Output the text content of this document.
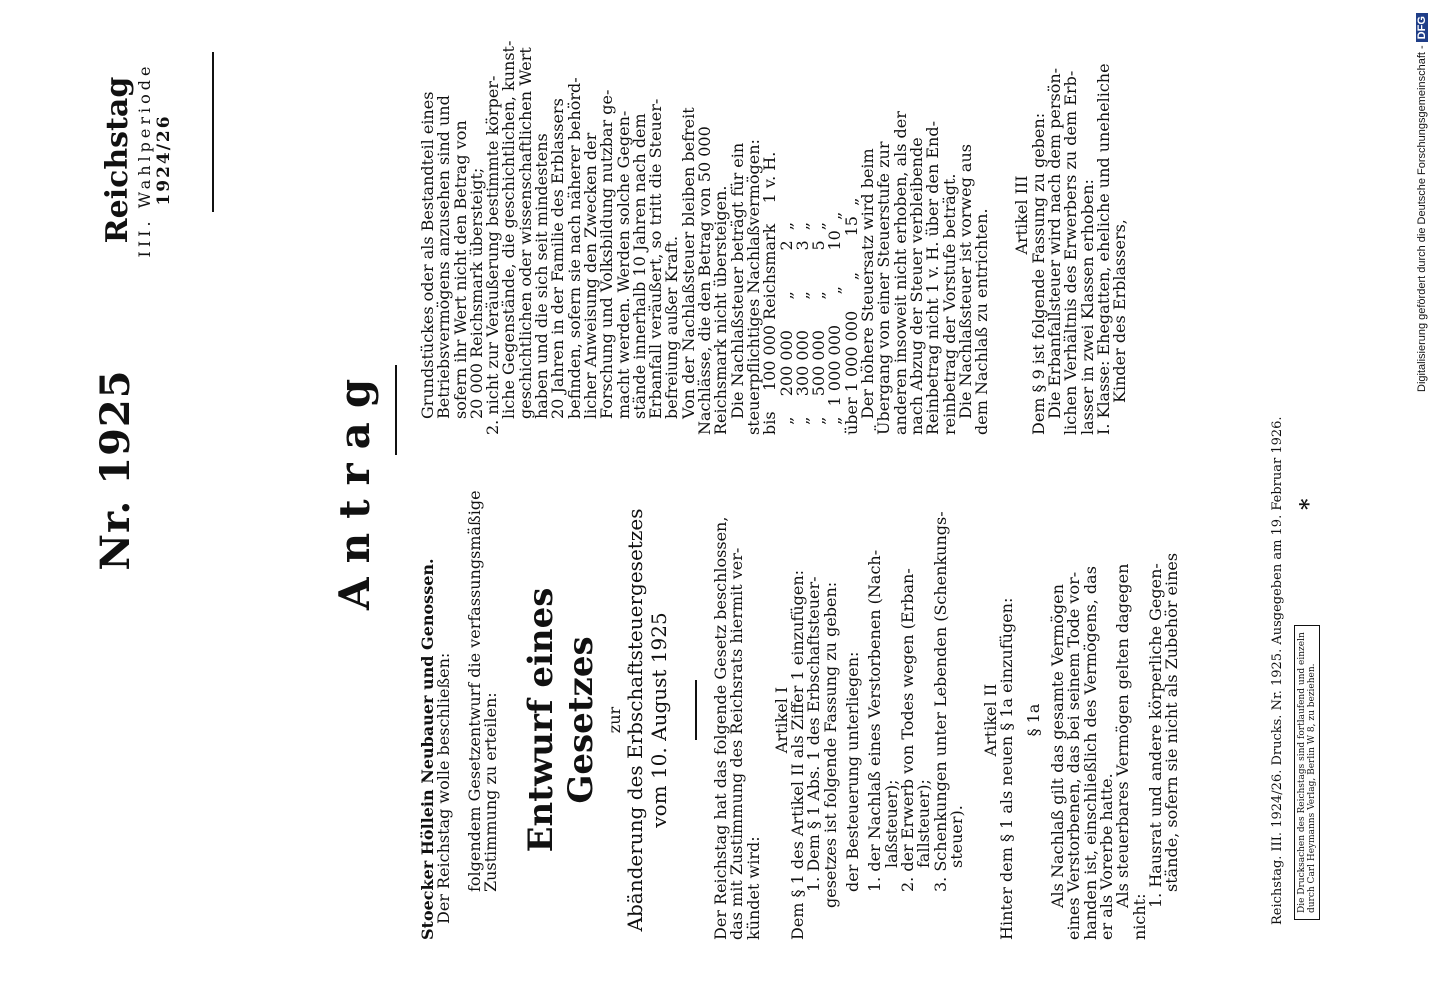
Nr. 1925
Reichstag III. Wahlperiode 1924/26
Antrag
Stoecker Höllein Neubauer und Genossen.
Der Reichstag wolle beschließen: folgendem Gesetzentwurf die verfassungsmäßige
Zustimmung zu erteilen: Entwurf eines Gesetzes zur Abänderung des Erbschaftsteuergesetzes vom 10. August 1925 Der Reichstag hat das folgende Gesetz beschlossen,
das mit Zustimmung des Reichsrats hiermit ver-
kündet wird:
Artikel I
Dem § 1 des Artikel II als Ziffer 1 einzufügen:
1. Dem § 1 Abs. 1 des Erbschaftsteuer-
gesetzes ist folgende Fassung zu geben: der Besteuerung unterliegen: 1. der Nachlaß eines Verstorbenen (Nach-
laßsteuer);
2. der Erwerb von Todes wegen (Erban-
fallsteuer);
3. Schenkungen unter Lebenden (Schenkungs-
steuer).
Artikel II
Hinter dem § 1 als neuen § 1a einzufügen: § 1a Als Nachlaß gilt das gesamte Vermögen
eines Verstorbenen, das bei seinem Tode vor-
handen ist, einschließlich des Vermögens, das
er als Vorerbe hatte.
Als steuerbares Vermögen gelten dagegen
nicht:
1. Hausrat und andere körperliche Gegen-
stände, sofern sie nicht als Zubehör eines
Grundstückes oder als Bestandteil eines
Betriebsvermögens anzusehen sind und
sofern ihr Wert nicht den Betrag von
20 000 Reichsmark übersteigt;
2. nicht zur Veräußerung bestimmte körper-
liche Gegenstände, die geschichtlichen, kunst-
geschichtlichen oder wissenschaftlichen Wert
haben und die sich seit mindestens
20 Jahren in der Familie des Erblassers
befinden, sofern sie nach näherer behörd-
licher Anweisung den Zwecken der
Forschung und Volksbildung nutzbar ge-
macht werden. Werden solche Gegen-
stände innerhalb 10 Jahren nach dem
Erbanfall veräußert, so tritt die Steuer-
befreiung außer Kraft.
Von der Nachlaßsteuer bleiben befreit
Nachlässe, die den Betrag von 50 000
Reichsmark nicht übersteigen.
Die Nachlaßsteuer beträgt für ein
steuerpflichtiges Nachlaßvermögen:
bis    100 000 Reichsmark    1 v. H.
„    200 000      „        2  „
„    300 000      „        3  „
„    500 000      „        5  „
„  1 000 000      „       10  „
über 1 000 000      „       15  „
Der höhere Steuersatz wird beim
Übergang von einer Steuerstufe zur
anderen insoweit nicht erhoben, als der
nach Abzug der Steuer verbleibende
Reinbetrag nicht 1 v. H. über den End-
reinbetrag der Vorstufe beträgt.
Die Nachlaßsteuer ist vorweg aus
dem Nachlaß zu entrichten. Artikel III
Dem § 9 ist folgende Fassung zu geben:
Die Erbanfallsteuer wird nach dem persön-
lichen Verhältnis des Erwerbers zu dem Erb-
lasser in zwei Klassen erhoben:
I. Klasse: Ehegatten, eheliche und uneheliche
Kinder des Erblassers,
Reichstag. III. 1924/26. Drucks. Nr. 1925. Ausgegeben am 19. Februar 1926. *
Die Drucksachen des Reichstags sind fortlaufend und einzeln durch Carl Heymanns Verlag, Berlin W 8, zu beziehen.
Digitalisierung gefördert durch die Deutsche Forschungsgemeinschaft -DFG
